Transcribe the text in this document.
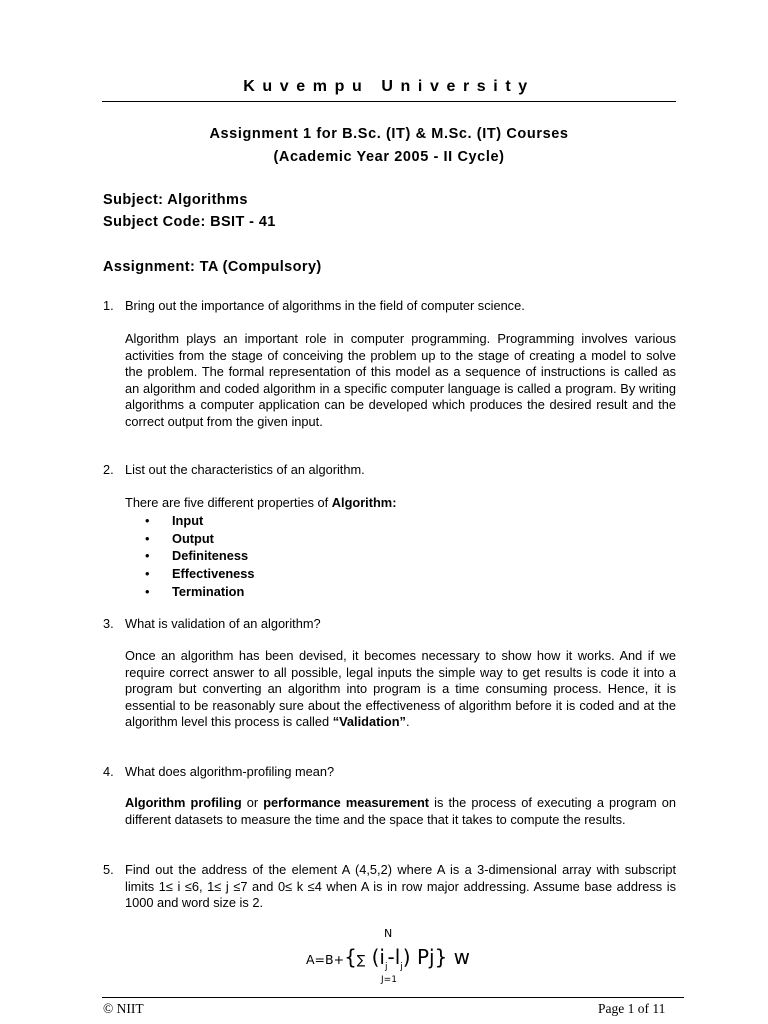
Kuvempu University
Assignment 1 for B.Sc. (IT) & M.Sc. (IT) Courses
(Academic Year 2005 - II Cycle)
Subject: Algorithms
Subject Code: BSIT - 41
Assignment: TA (Compulsory)
1. Bring out the importance of algorithms in the field of computer science.
Algorithm plays an important role in computer programming. Programming involves various activities from the stage of conceiving the problem up to the stage of creating a model to solve the problem. The formal representation of this model as a sequence of instructions is called as an algorithm and coded algorithm in a specific computer language is called a program. By writing algorithms a computer application can be developed which produces the desired result and the correct output from the given input.
2. List out the characteristics of an algorithm.
There are five different properties of Algorithm:
• Input
• Output
• Definiteness
• Effectiveness
• Termination
3. What is validation of an algorithm?
Once an algorithm has been devised, it becomes necessary to show how it works. And if we require correct answer to all possible, legal inputs the simple way to get results is code it into a program but converting an algorithm into program is a time consuming process. Hence, it is essential to be reasonably sure about the effectiveness of algorithm before it is coded and at the algorithm level this process is called “Validation”.
4. What does algorithm-profiling mean?
Algorithm profiling or performance measurement is the process of executing a program on different datasets to measure the time and the space that it takes to compute the results.
5. Find out the address of the element A (4,5,2) where A is a 3-dimensional array with subscript limits 1≤ i ≤6, 1≤ j ≤7 and 0≤ k ≤4 when A is in row major addressing. Assume base address is 1000 and word size is 2.
N
A=B+{∑ $(i_j-l_j)$ Pj} w
J=1
© NIIT	Page 1 of 11
